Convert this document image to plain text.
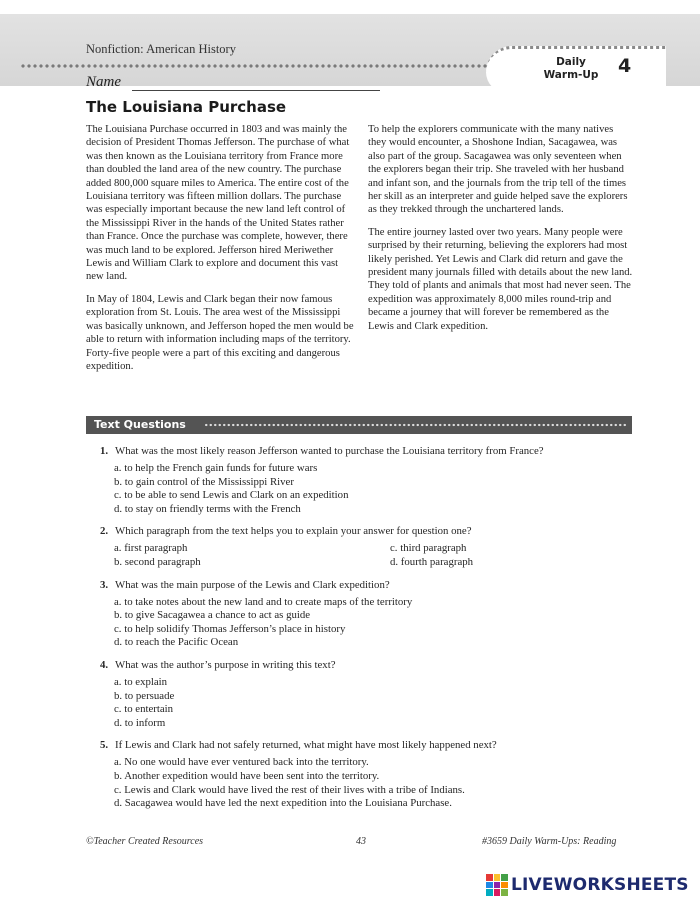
Nonfiction: American History
Daily Warm-Up	4
Name
The Louisiana Purchase

The Louisiana Purchase occurred in 1803 and was mainly the decision of President Thomas Jefferson. The purchase of what was then known as the Louisiana territory from France more than doubled the land area of the new country. The purchase added 800,000 square miles to America. The entire cost of the Louisiana territory was fifteen million dollars. The purchase was especially important because the new land left control of the Mississippi River in the hands of the United States rather than France. Once the purchase was complete, however, there was much land to be explored. Jefferson hired Meriwether Lewis and William Clark to explore and document this vast new land.

In May of 1804, Lewis and Clark began their now famous exploration from St. Louis. The area west of the Mississippi was basically unknown, and Jefferson hoped the men would be able to return with information including maps of the territory. Forty-five people were a part of this exciting and dangerous expedition.

To help the explorers communicate with the many natives they would encounter, a Shoshone Indian, Sacagawea, was also part of the group. Sacagawea was only seventeen when the explorers began their trip. She traveled with her husband and infant son, and the journals from the trip tell of the times her skill as an interpreter and guide helped save the explorers as they trekked through the unchartered lands.

The entire journey lasted over two years. Many people were surprised by their returning, believing the explorers had most likely perished. Yet Lewis and Clark did return and gave the president many journals filled with details about the new land. They told of plants and animals that most had never seen. The expedition was approximately 8,000 miles round-trip and became a journey that will forever be remembered as the Lewis and Clark expedition.

Text Questions
1. What was the most likely reason Jefferson wanted to purchase the Louisiana territory from France?
a. to help the French gain funds for future wars
b. to gain control of the Mississippi River
c. to be able to send Lewis and Clark on an expedition
d. to stay on friendly terms with the French
2. Which paragraph from the text helps you to explain your answer for question one?
a. first paragraph	c. third paragraph
b. second paragraph	d. fourth paragraph
3. What was the main purpose of the Lewis and Clark expedition?
a. to take notes about the new land and to create maps of the territory
b. to give Sacagawea a chance to act as guide
c. to help solidify Thomas Jefferson’s place in history
d. to reach the Pacific Ocean
4. What was the author’s purpose in writing this text?
a. to explain
b. to persuade
c. to entertain
d. to inform
5. If Lewis and Clark had not safely returned, what might have most likely happened next?
a. No one would have ever ventured back into the territory.
b. Another expedition would have been sent into the territory.
c. Lewis and Clark would have lived the rest of their lives with a tribe of Indians.
d. Sacagawea would have led the next expedition into the Louisiana Purchase.
©Teacher Created Resources	43	#3659 Daily Warm-Ups: Reading
LIVEWORKSHEETS
